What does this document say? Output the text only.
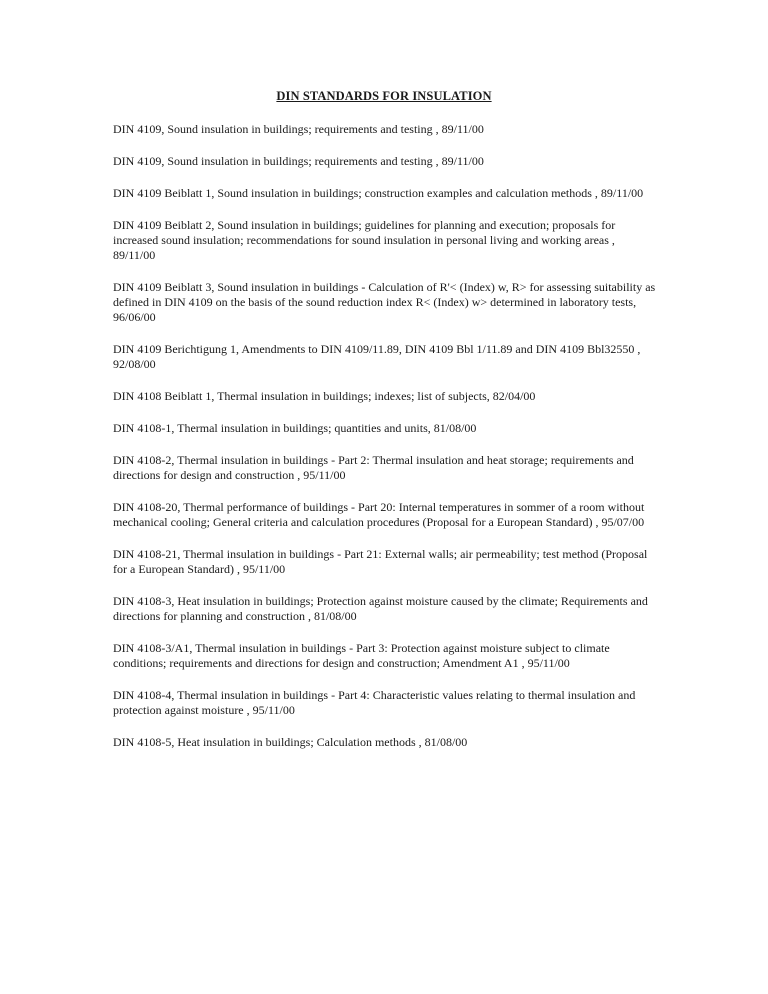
DIN STANDARDS FOR INSULATION

DIN 4109, Sound insulation in buildings; requirements and testing , 89/11/00

DIN 4109, Sound insulation in buildings; requirements and testing , 89/11/00

DIN 4109 Beiblatt 1, Sound insulation in buildings; construction examples and calculation methods , 89/11/00

DIN 4109 Beiblatt 2, Sound insulation in buildings; guidelines for planning and execution; proposals for increased sound insulation; recommendations for sound insulation in personal living and working areas , 89/11/00

DIN 4109 Beiblatt 3, Sound insulation in buildings - Calculation of R'< (Index) w, R> for assessing suitability as defined in DIN 4109 on the basis of the sound reduction index R< (Index) w> determined in laboratory tests, 96/06/00

DIN 4109 Berichtigung 1, Amendments to DIN 4109/11.89, DIN 4109 Bbl 1/11.89 and DIN 4109 Bbl32550 , 92/08/00

DIN 4108 Beiblatt 1, Thermal insulation in buildings; indexes; list of subjects, 82/04/00

DIN 4108-1, Thermal insulation in buildings; quantities and units, 81/08/00

DIN 4108-2, Thermal insulation in buildings - Part 2: Thermal insulation and heat storage; requirements and directions for design and construction , 95/11/00

DIN 4108-20, Thermal performance of buildings - Part 20: Internal temperatures in sommer of a room without mechanical cooling; General criteria and calculation procedures (Proposal for a European Standard) , 95/07/00

DIN 4108-21, Thermal insulation in buildings - Part 21: External walls; air permeability; test method (Proposal for a European Standard) , 95/11/00

DIN 4108-3, Heat insulation in buildings; Protection against moisture caused by the climate; Requirements and directions for planning and construction , 81/08/00

DIN 4108-3/A1, Thermal insulation in buildings - Part 3: Protection against moisture subject to climate conditions; requirements and directions for design and construction; Amendment A1 , 95/11/00

DIN 4108-4, Thermal insulation in buildings - Part 4: Characteristic values relating to thermal insulation and protection against moisture , 95/11/00

DIN 4108-5, Heat insulation in buildings; Calculation methods , 81/08/00
